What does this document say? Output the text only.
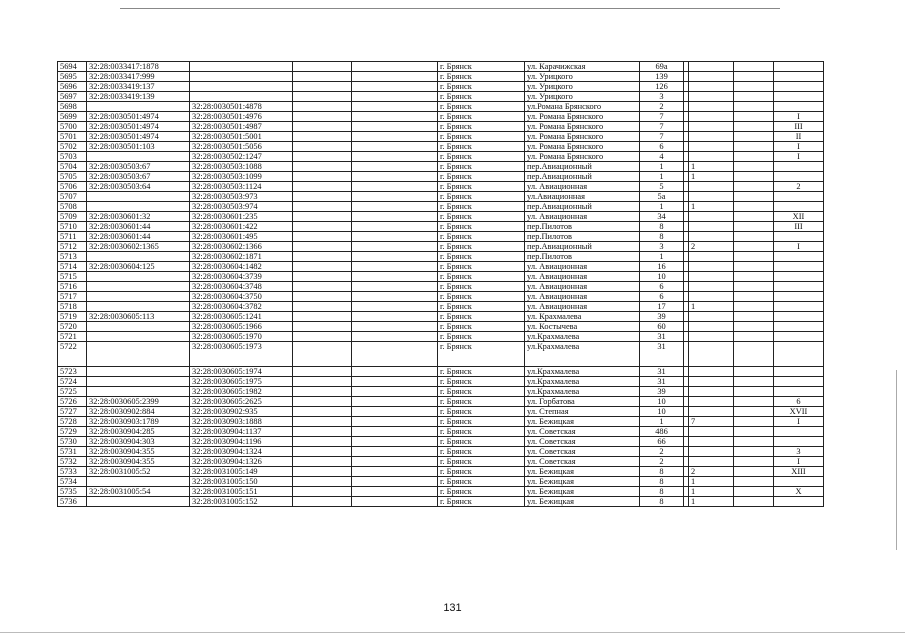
5694	32:28:0033417:1878				г. Брянск	ул. Карачижская	69а				
5695	32:28:0033417:999				г. Брянск	ул. Урицкого	139				
5696	32:28:0033419:137				г. Брянск	ул. Урицкого	126				
5697	32:28:0033419:139				г. Брянск	ул. Урицкого	3				
5698		32:28:0030501:4878			г. Брянск	ул.Романа Брянского	2				
5699	32:28:0030501:4974	32:28:0030501:4976			г. Брянск	ул. Романа Брянского	7				I
5700	32:28:0030501:4974	32:28:0030501:4987			г. Брянск	ул. Романа Брянского	7				III
5701	32:28:0030501:4974	32:28:0030501:5001			г. Брянск	ул. Романа Брянского	7				II
5702	32:28:0030501:103	32:28:0030501:5056			г. Брянск	ул. Романа Брянского	6				I
5703		32:28:0030502:1247			г. Брянск	ул. Романа Брянского	4				I
5704	32:28:0030503:67	32:28:0030503:1088			г. Брянск	пер.Авиационный	1		1		
5705	32:28:0030503:67	32:28:0030503:1099			г. Брянск	пер.Авиационный	1		1		
5706	32:28:0030503:64	32:28:0030503:1124			г. Брянск	ул. Авиационная	5				2
5707		32:28:0030503:973			г. Брянск	ул.Авиационная	5а				
5708		32:28:0030503:974			г. Брянск	пер.Авиационный	1		1		
5709	32:28:0030601:32	32:28:0030601:235			г. Брянск	ул. Авиационная	34				XII
5710	32:28:0030601:44	32:28:0030601:422			г. Брянск	пер.Пилотов	8				III
5711	32:28:0030601:44	32:28:0030601:495			г. Брянск	пер.Пилотов	8				
5712	32:28:0030602:1365	32:28:0030602:1366			г. Брянск	пер.Авиационный	3		2		I
5713		32:28:0030602:1871			г. Брянск	пер.Пилотов	1				
5714	32:28:0030604:125	32:28:0030604:1482			г. Брянск	ул. Авиационная	16				
5715		32:28:0030604:3739			г. Брянск	ул. Авиационная	10				
5716		32:28:0030604:3748			г. Брянск	ул. Авиационная	6				
5717		32:28:0030604:3750			г. Брянск	ул. Авиационная	6				
5718		32:28:0030604:3782			г. Брянск	ул. Авиационная	17		1		
5719	32:28:0030605:113	32:28:0030605:1241			г. Брянск	ул. Крахмалева	39				
5720		32:28:0030605:1966			г. Брянск	ул. Костычева	60				
5721		32:28:0030605:1970			г. Брянск	ул.Крахмалева	31				
5722		32:28:0030605:1973			г. Брянск	ул.Крахмалева	31				
5723		32:28:0030605:1974			г. Брянск	ул.Крахмалева	31				
5724		32:28:0030605:1975			г. Брянск	ул.Крахмалева	31				
5725		32:28:0030605:1982			г. Брянск	ул.Крахмалева	39				
5726	32:28:0030605:2399	32:28:0030605:2625			г. Брянск	ул. Горбатова	10				6
5727	32:28:0030902:884	32:28:0030902:935			г. Брянск	ул. Степная	10				XVII
5728	32:28:0030903:1789	32:28:0030903:1888			г. Брянск	ул. Бежицкая	1		7		I
5729	32:28:0030904:285	32:28:0030904:1137			г. Брянск	ул. Советская	486				
5730	32:28:0030904:303	32:28:0030904:1196			г. Брянск	ул. Советская	66				
5731	32:28:0030904:355	32:28:0030904:1324			г. Брянск	ул. Советская	2				3
5732	32:28:0030904:355	32:28:0030904:1326			г. Брянск	ул. Советская	2				I
5733	32:28:0031005:52	32:28:0031005:149			г. Брянск	ул. Бежицкая	8		2		XIII
5734		32:28:0031005:150			г. Брянск	ул. Бежицкая	8		1		
5735	32:28:0031005:54	32:28:0031005:151			г. Брянск	ул. Бежицкая	8		1		X
5736		32:28:0031005:152			г. Брянск	ул. Бежицкая	8		1		
131
